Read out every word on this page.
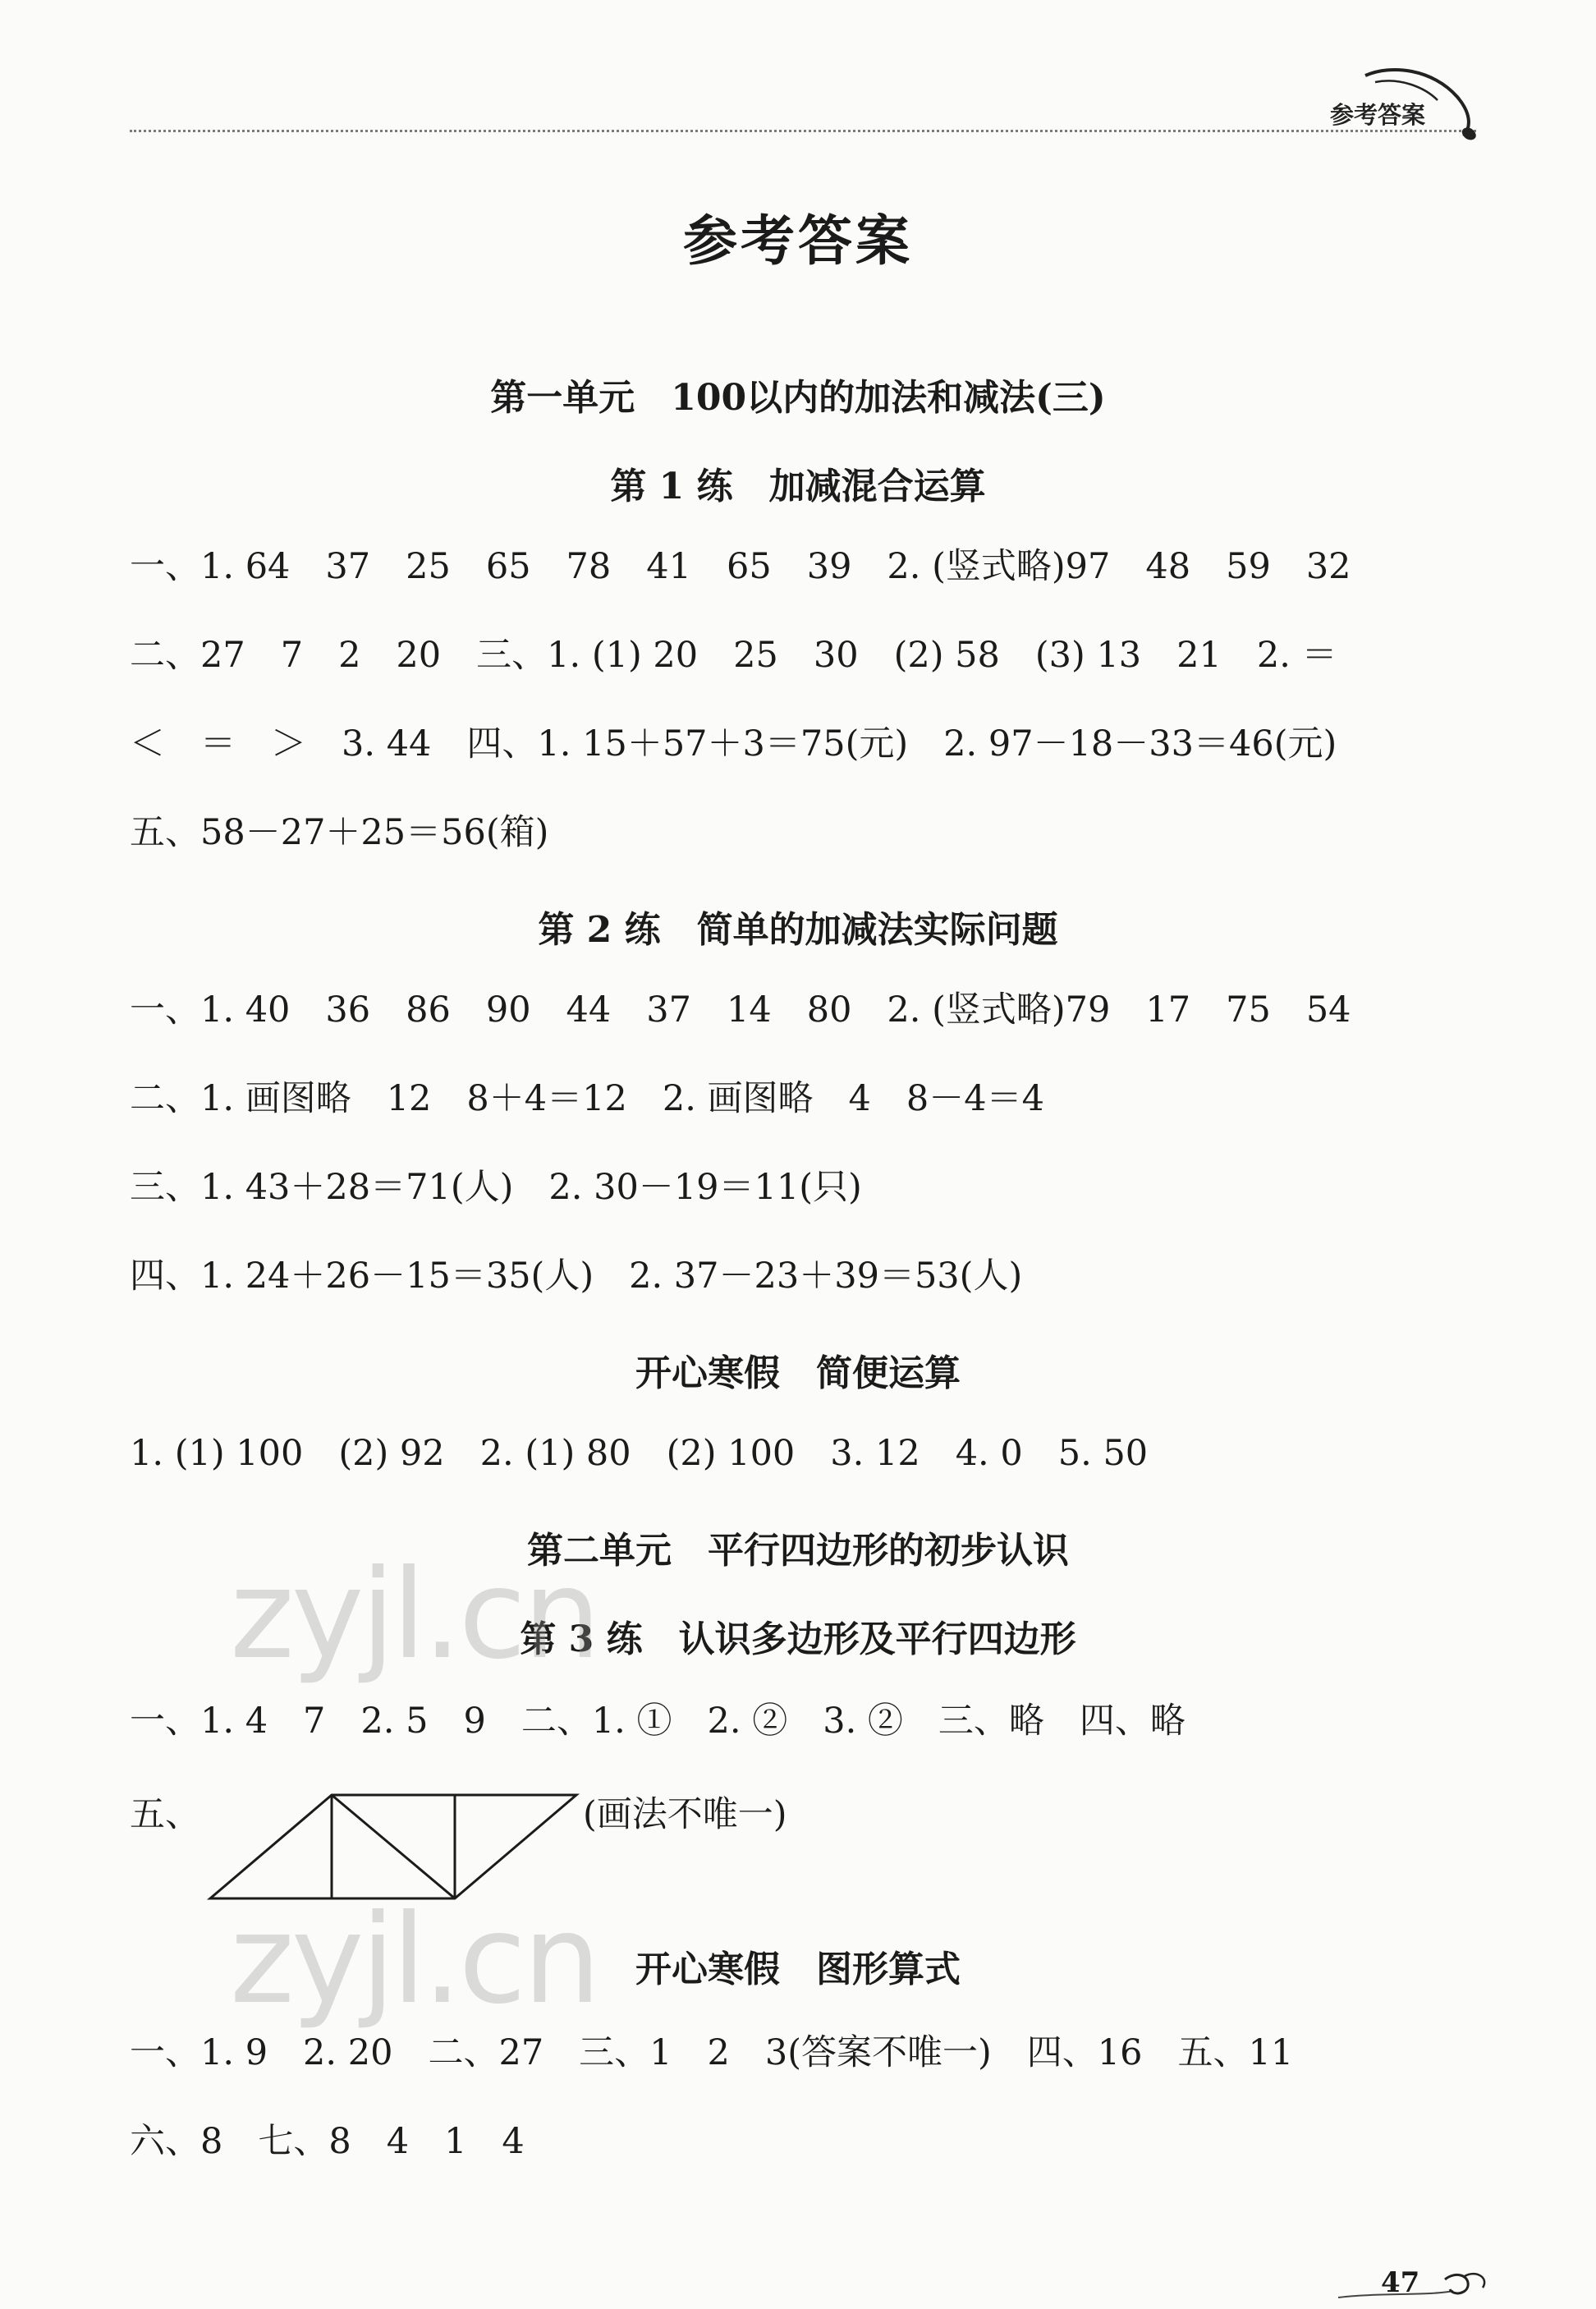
参考答案
参考答案
第一单元　100以内的加法和减法(三)
第 1 练　加减混合运算
一、1. 64　37　25　65　78　41　65　39　2. (竖式略)97　48　59　32
二、27　7　2　20　三、1. (1) 20　25　30　(2) 58　(3) 13　21　2. ＝
＜　＝　＞　3. 44　四、1. 15＋57＋3＝75(元)　2. 97－18－33＝46(元)
五、58－27＋25＝56(箱)
第 2 练　简单的加减法实际问题
一、1. 40　36　86　90　44　37　14　80　2. (竖式略)79　17　75　54
二、1. 画图略　12　8＋4＝12　2. 画图略　4　8－4＝4
三、1. 43＋28＝71(人)　2. 30－19＝11(只)
四、1. 24＋26－15＝35(人)　2. 37－23＋39＝53(人)
开心寒假　简便运算
1. (1) 100　(2) 92　2. (1) 80　(2) 100　3. 12　4. 0　5. 50
第二单元　平行四边形的初步认识
第 3 练　认识多边形及平行四边形
一、1. 4　7　2. 5　9　二、1. ①　2. ②　3. ②　三、略　四、略
五、	(画法不唯一)
开心寒假　图形算式
一、1. 9　2. 20　二、27　三、1　2　3(答案不唯一)　四、16　五、11
六、8　七、8　4　1　4
zyjl.cn
zyjl.cn
47
